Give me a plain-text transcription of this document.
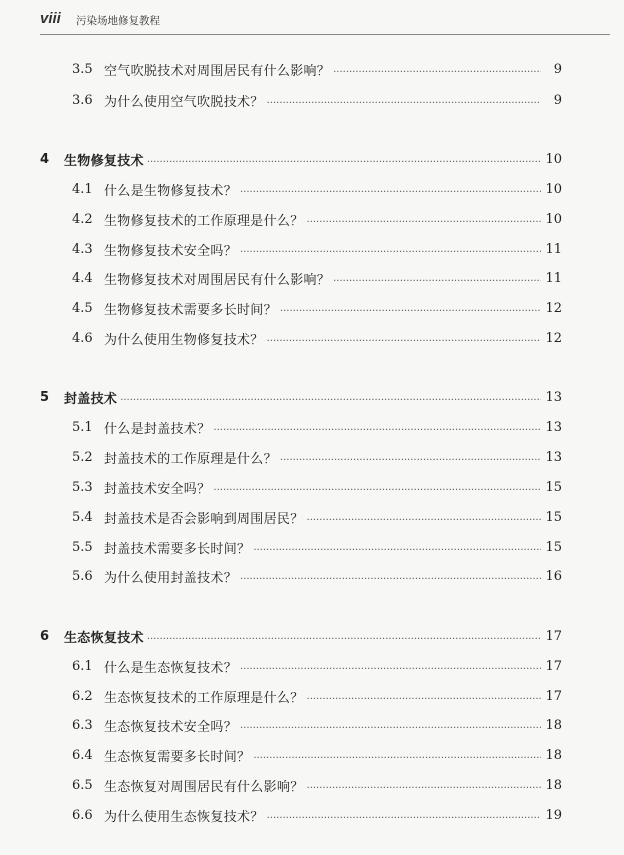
viii 污染场地修复教程
3.5 空气吹脱技术对周围居民有什么影响？ .....	9
3.6 为什么使用空气吹脱技术？ .....	9
4 生物修复技术 .....	10
4.1 什么是生物修复技术？ .....	10
4.2 生物修复技术的工作原理是什么？ .....	10
4.3 生物修复技术安全吗？ .....	11
4.4 生物修复技术对周围居民有什么影响？ .....	11
4.5 生物修复技术需要多长时间？ .....	12
4.6 为什么使用生物修复技术？ .....	12
5 封盖技术 .....	13
5.1 什么是封盖技术？ .....	13
5.2 封盖技术的工作原理是什么？ .....	13
5.3 封盖技术安全吗？ .....	15
5.4 封盖技术是否会影响到周围居民？ .....	15
5.5 封盖技术需要多长时间？ .....	15
5.6 为什么使用封盖技术？ .....	16
6 生态恢复技术 .....	17
6.1 什么是生态恢复技术？ .....	17
6.2 生态恢复技术的工作原理是什么？ .....	17
6.3 生态恢复技术安全吗？ .....	18
6.4 生态恢复需要多长时间？ .....	18
6.5 生态恢复对周围居民有什么影响？ .....	18
6.6 为什么使用生态恢复技术？ .....	19
